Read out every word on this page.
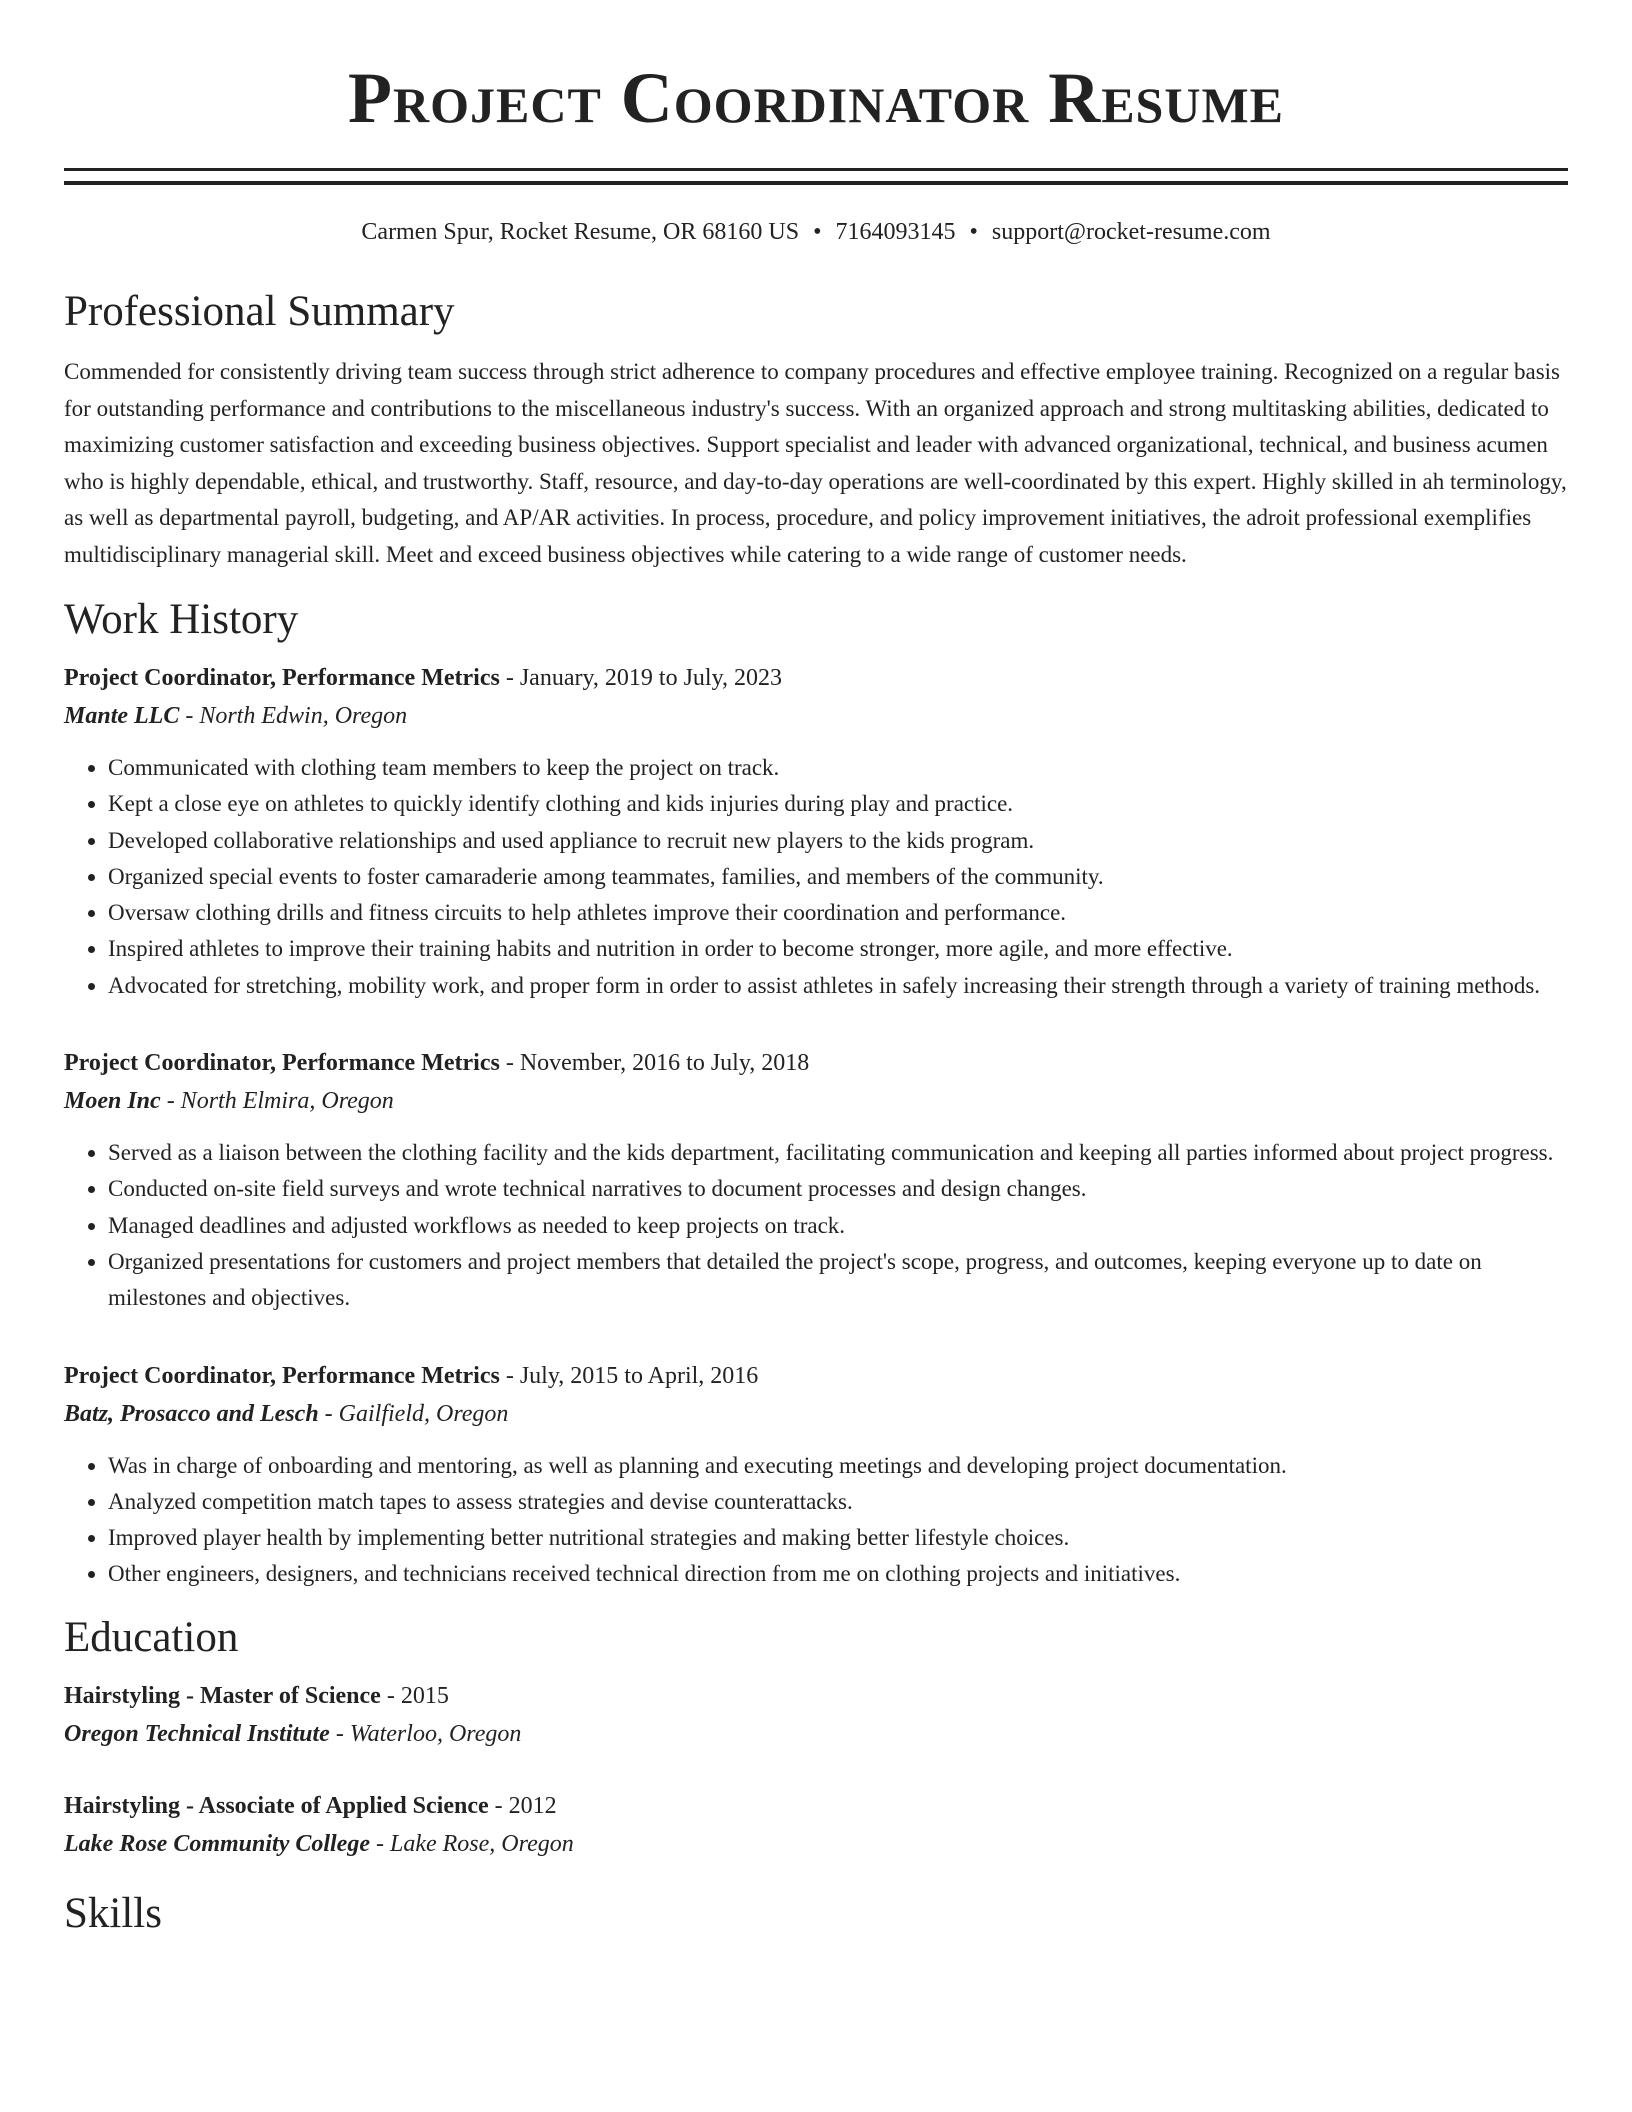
Project Coordinator Resume
Carmen Spur, Rocket Resume, OR 68160 US • 7164093145 • support@rocket-resume.com
Professional Summary

Commended for consistently driving team success through strict adherence to company procedures and effective employee training. Recognized on a regular basis for outstanding performance and contributions to the miscellaneous industry's success. With an organized approach and strong multitasking abilities, dedicated to maximizing customer satisfaction and exceeding business objectives. Support specialist and leader with advanced organizational, technical, and business acumen who is highly dependable, ethical, and trustworthy. Staff, resource, and day-to-day operations are well-coordinated by this expert. Highly skilled in ah terminology, as well as departmental payroll, budgeting, and AP/AR activities. In process, procedure, and policy improvement initiatives, the adroit professional exemplifies multidisciplinary managerial skill. Meet and exceed business objectives while catering to a wide range of customer needs.

Work History
Project Coordinator, Performance Metrics - January, 2019 to July, 2023
Mante LLC - North Edwin, Oregon
• Communicated with clothing team members to keep the project on track.
• Kept a close eye on athletes to quickly identify clothing and kids injuries during play and practice.
• Developed collaborative relationships and used appliance to recruit new players to the kids program.
• Organized special events to foster camaraderie among teammates, families, and members of the community.
• Oversaw clothing drills and fitness circuits to help athletes improve their coordination and performance.
• Inspired athletes to improve their training habits and nutrition in order to become stronger, more agile, and more effective.
• Advocated for stretching, mobility work, and proper form in order to assist athletes in safely increasing their strength through a variety of training methods.
Project Coordinator, Performance Metrics - November, 2016 to July, 2018
Moen Inc - North Elmira, Oregon
• Served as a liaison between the clothing facility and the kids department, facilitating communication and keeping all parties informed about project progress.
• Conducted on-site field surveys and wrote technical narratives to document processes and design changes.
• Managed deadlines and adjusted workflows as needed to keep projects on track.
• Organized presentations for customers and project members that detailed the project's scope, progress, and outcomes, keeping everyone up to date on milestones and objectives.
Project Coordinator, Performance Metrics - July, 2015 to April, 2016
Batz, Prosacco and Lesch - Gailfield, Oregon
• Was in charge of onboarding and mentoring, as well as planning and executing meetings and developing project documentation.
• Analyzed competition match tapes to assess strategies and devise counterattacks.
• Improved player health by implementing better nutritional strategies and making better lifestyle choices.
• Other engineers, designers, and technicians received technical direction from me on clothing projects and initiatives.
Education
Hairstyling - Master of Science - 2015
Oregon Technical Institute - Waterloo, Oregon
Hairstyling - Associate of Applied Science - 2012
Lake Rose Community College - Lake Rose, Oregon
Skills
